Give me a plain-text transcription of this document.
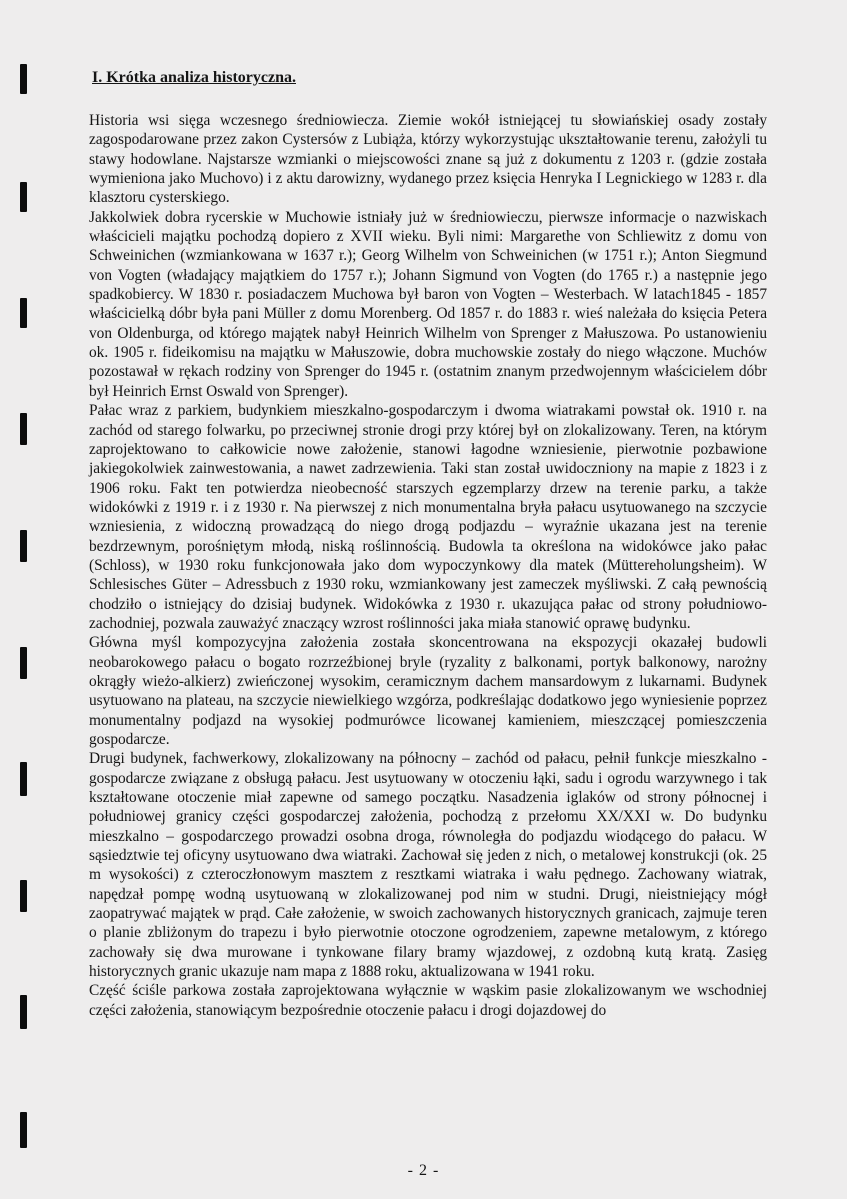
I. Krótka analiza historyczna.

Historia wsi sięga wczesnego średniowiecza. Ziemie wokół istniejącej tu słowiańskiej osady zostały zagospodarowane przez zakon Cystersów z Lubiąża, którzy wykorzystując ukształtowanie terenu, założyli tu stawy hodowlane. Najstarsze wzmianki o miejscowości znane są już z dokumentu z 1203 r. (gdzie została wymieniona jako Muchovo) i z aktu darowizny, wydanego przez księcia Henryka I Legnickiego w 1283 r. dla klasztoru cysterskiego.

Jakkolwiek dobra rycerskie w Muchowie istniały już w średniowieczu, pierwsze informacje o nazwiskach właścicieli majątku pochodzą dopiero z XVII wieku. Byli nimi: Margarethe von Schliewitz z domu von Schweinichen (wzmiankowana w 1637 r.); Georg Wilhelm von Schweinichen (w 1751 r.); Anton Siegmund von Vogten (władający majątkiem do 1757 r.); Johann Sigmund von Vogten (do 1765 r.) a następnie jego spadkobiercy. W 1830 r. posiadaczem Muchowa był baron von Vogten – Westerbach. W latach1845 - 1857 właścicielką dóbr była pani Müller z domu Morenberg. Od 1857 r. do 1883 r. wieś należała do księcia Petera von Oldenburga, od którego majątek nabył Heinrich Wilhelm von Sprenger z Małuszowa. Po ustanowieniu ok. 1905 r. fideikomisu na majątku w Małuszowie, dobra muchowskie zostały do niego włączone. Muchów pozostawał w rękach rodziny von Sprenger do 1945 r. (ostatnim znanym przedwojennym właścicielem dóbr był Heinrich Ernst Oswald von Sprenger).

Pałac wraz z parkiem, budynkiem mieszkalno-gospodarczym i dwoma wiatrakami powstał ok. 1910 r. na zachód od starego folwarku, po przeciwnej stronie drogi przy której był on zlokalizowany. Teren, na którym zaprojektowano to całkowicie nowe założenie, stanowi łagodne wzniesienie, pierwotnie pozbawione jakiegokolwiek zainwestowania, a nawet zadrzewienia. Taki stan został uwidoczniony na mapie z 1823 i z 1906 roku. Fakt ten potwierdza nieobecność starszych egzemplarzy drzew na terenie parku, a także widokówki z 1919 r. i z 1930 r. Na pierwszej z nich monumentalna bryła pałacu usytuowanego na szczycie wzniesienia, z widoczną prowadzącą do niego drogą podjazdu – wyraźnie ukazana jest na terenie bezdrzewnym, porośniętym młodą, niską roślinnością. Budowla ta określona na widokówce jako pałac (Schloss), w 1930 roku funkcjonowała jako dom wypoczynkowy dla matek (Müttereholungsheim). W Schlesisches Güter – Adressbuch z 1930 roku, wzmiankowany jest zameczek myśliwski. Z całą pewnością chodziło o istniejący do dzisiaj budynek. Widokówka z 1930 r. ukazująca pałac od strony południowo-zachodniej, pozwala zauważyć znaczący wzrost roślinności jaka miała stanowić oprawę budynku.

Główna myśl kompozycyjna założenia została skoncentrowana na ekspozycji okazałej budowli neobarokowego pałacu o bogato rozrzeźbionej bryle (ryzality z balkonami, portyk balkonowy, narożny okrągły wieżo-alkierz) zwieńczonej wysokim, ceramicznym dachem mansardowym z lukarnami. Budynek usytuowano na plateau, na szczycie niewielkiego wzgórza, podkreślając dodatkowo jego wyniesienie poprzez monumentalny podjazd na wysokiej podmurówce licowanej kamieniem, mieszczącej pomieszczenia gospodarcze.

Drugi budynek, fachwerkowy, zlokalizowany na północny – zachód od pałacu, pełnił funkcje mieszkalno - gospodarcze związane z obsługą pałacu. Jest usytuowany w otoczeniu łąki, sadu i ogrodu warzywnego i tak kształtowane otoczenie miał zapewne od samego początku. Nasadzenia iglaków od strony północnej i południowej granicy części gospodarczej założenia, pochodzą z przełomu XX/XXI w. Do budynku mieszkalno – gospodarczego prowadzi osobna droga, równoległa do podjazdu wiodącego do pałacu. W sąsiedztwie tej oficyny usytuowano dwa wiatraki. Zachował się jeden z nich, o metalowej konstrukcji (ok. 25 m wysokości) z czteroczłonowym masztem z resztkami wiatraka i wału pędnego. Zachowany wiatrak, napędzał pompę wodną usytuowaną w zlokalizowanej pod nim w studni. Drugi, nieistniejący mógł zaopatrywać majątek w prąd. Całe założenie, w swoich zachowanych historycznych granicach, zajmuje teren o planie zbliżonym do trapezu i było pierwotnie otoczone ogrodzeniem, zapewne metalowym, z którego zachowały się dwa murowane i tynkowane filary bramy wjazdowej, z ozdobną kutą kratą. Zasięg historycznych granic ukazuje nam mapa z 1888 roku, aktualizowana w 1941 roku.

Część ściśle parkowa została zaprojektowana wyłącznie w wąskim pasie zlokalizowanym we wschodniej części założenia, stanowiącym bezpośrednie otoczenie pałacu i drogi dojazdowej do

- 2 -
